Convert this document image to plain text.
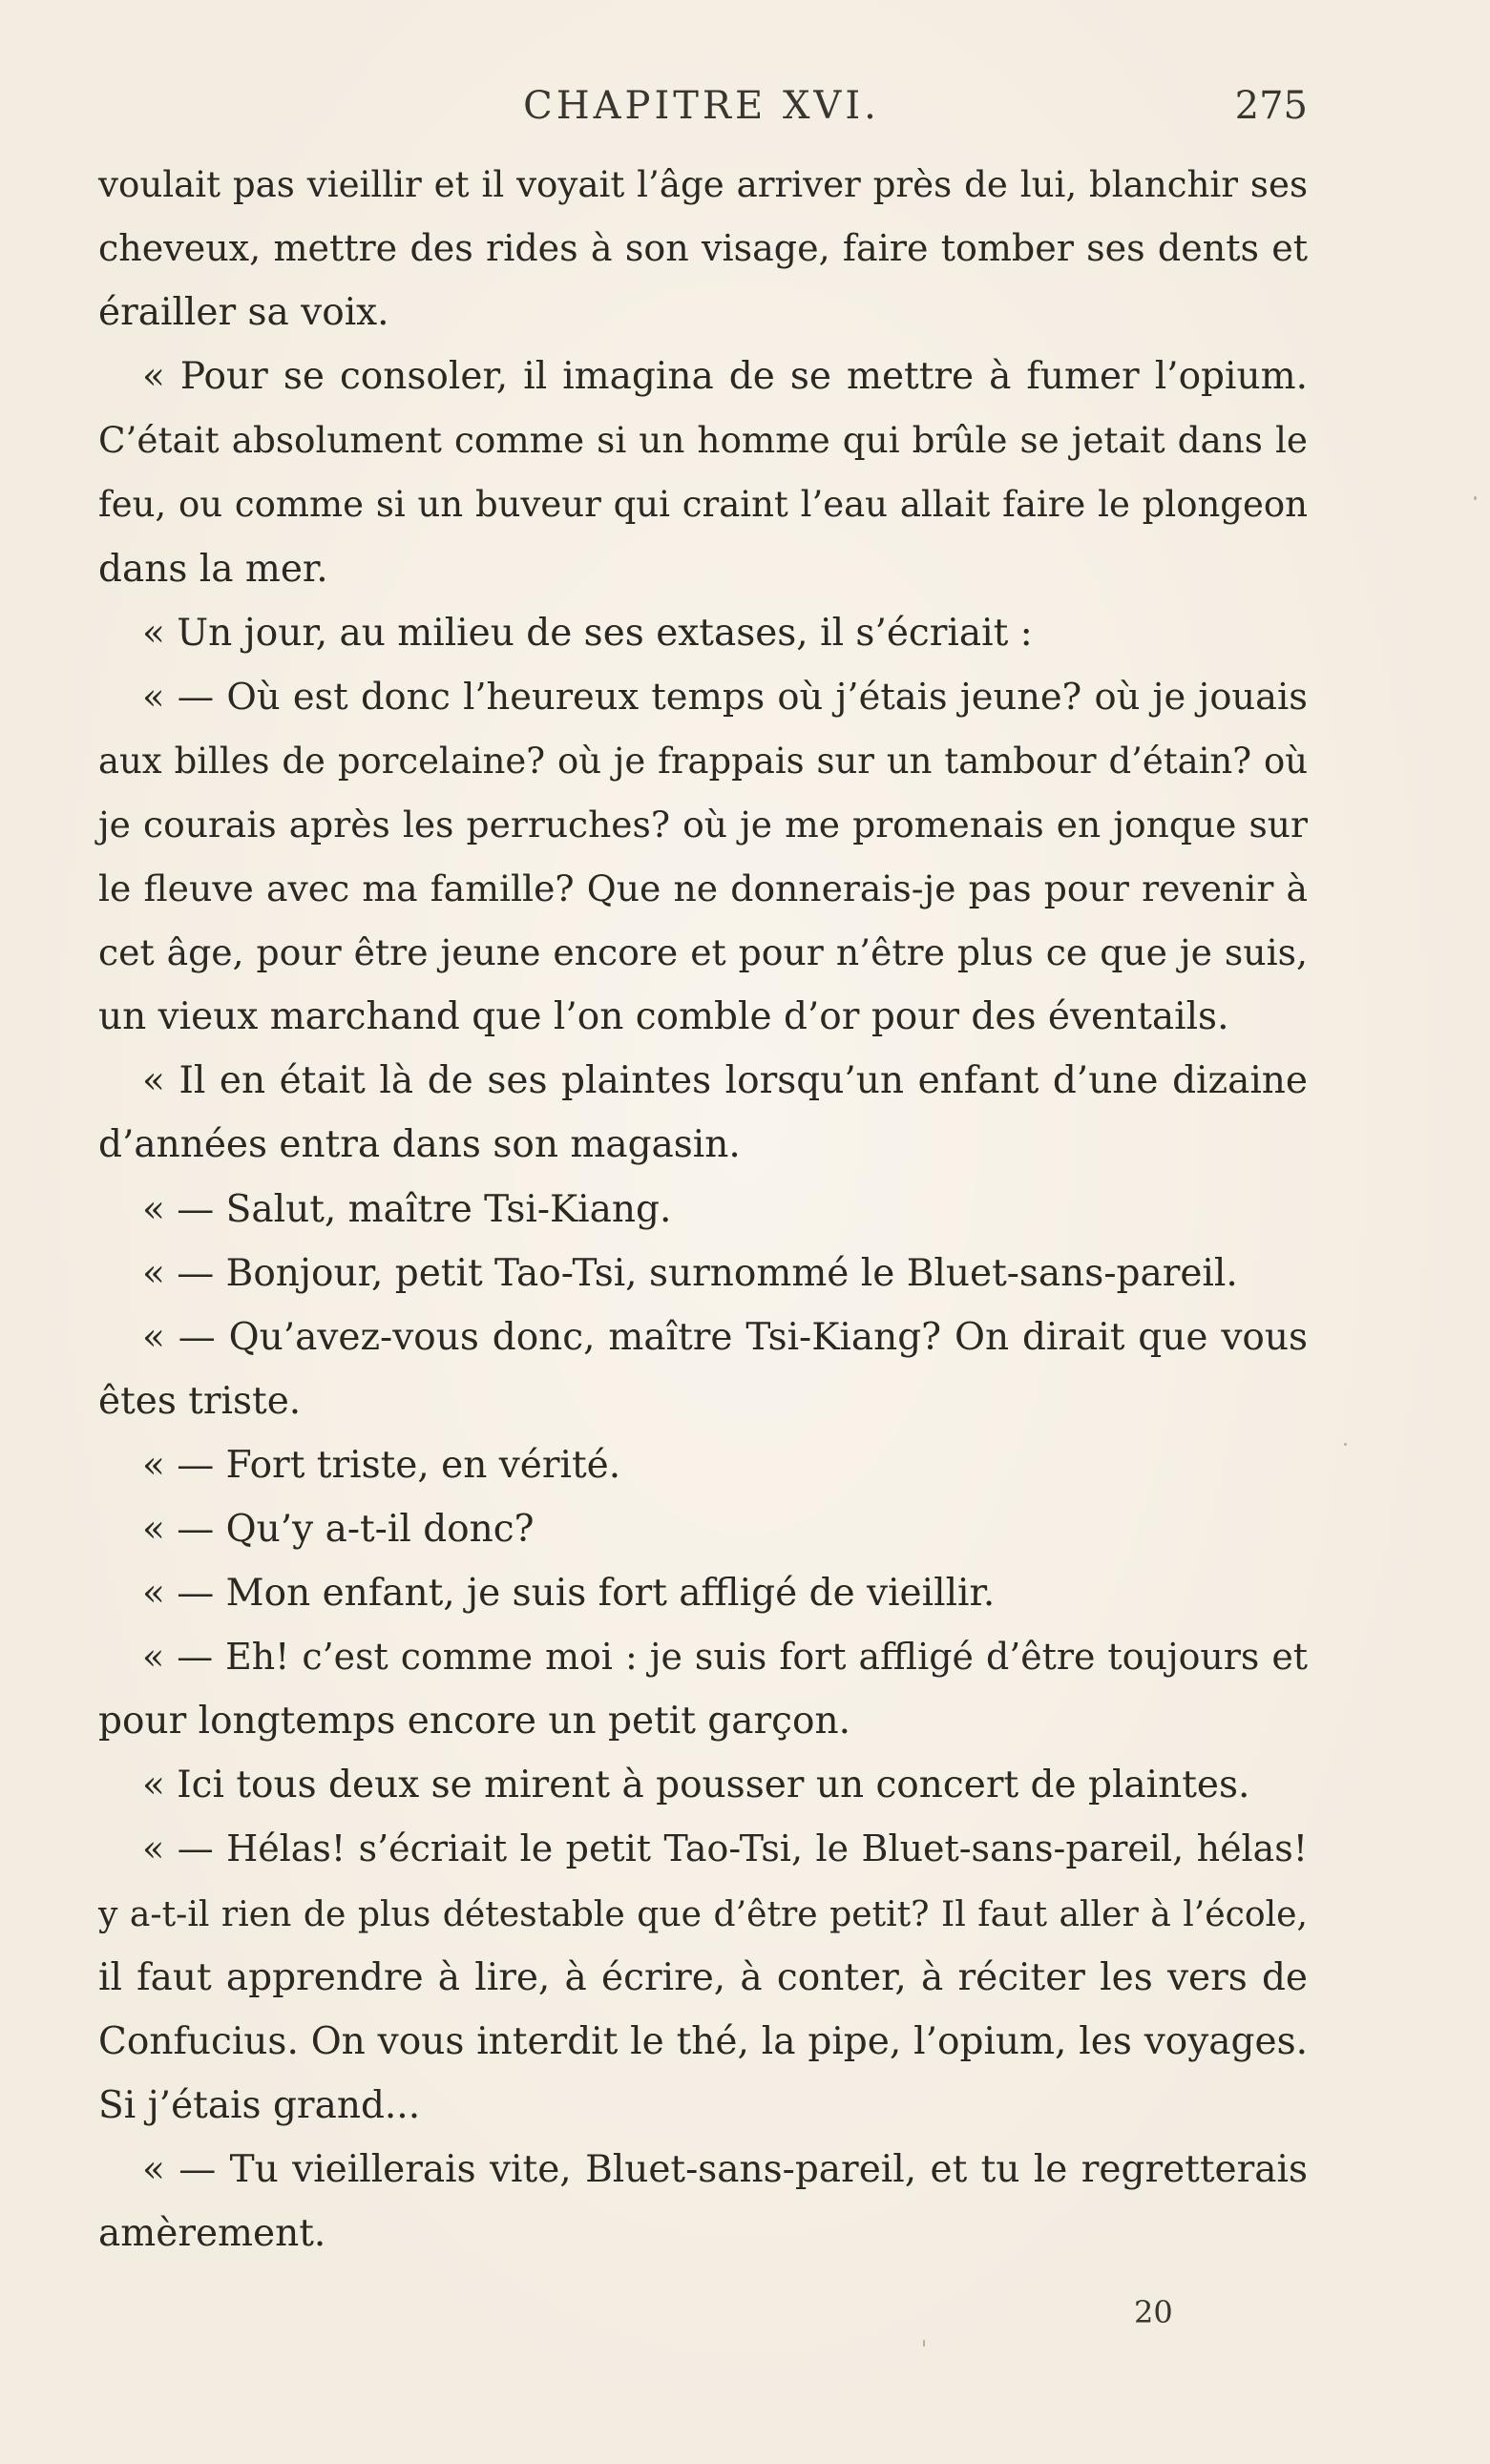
CHAPITRE XVI.	275
voulait pas vieillir et il voyait l’âge arriver près de lui, blanchir ses
cheveux, mettre des rides à son visage, faire tomber ses dents et
érailler sa voix.
« Pour se consoler, il imagina de se mettre à fumer l’opium.
C’était absolument comme si un homme qui brûle se jetait dans le
feu, ou comme si un buveur qui craint l’eau allait faire le plongeon
dans la mer.
« Un jour, au milieu de ses extases, il s’écriait :
« — Où est donc l’heureux temps où j’étais jeune? où je jouais
aux billes de porcelaine? où je frappais sur un tambour d’étain? où
je courais après les perruches? où je me promenais en jonque sur
le fleuve avec ma famille? Que ne donnerais-je pas pour revenir à
cet âge, pour être jeune encore et pour n’être plus ce que je suis,
un vieux marchand que l’on comble d’or pour des éventails.
« Il en était là de ses plaintes lorsqu’un enfant d’une dizaine
d’années entra dans son magasin.
« — Salut, maître Tsi-Kiang.
« — Bonjour, petit Tao-Tsi, surnommé le Bluet-sans-pareil.
« — Qu’avez-vous donc, maître Tsi-Kiang? On dirait que vous
êtes triste.
« — Fort triste, en vérité.
« — Qu’y a-t-il donc?
« — Mon enfant, je suis fort affligé de vieillir.
« — Eh! c’est comme moi : je suis fort affligé d’être toujours et
pour longtemps encore un petit garçon.
« Ici tous deux se mirent à pousser un concert de plaintes.
« — Hélas! s’écriait le petit Tao-Tsi, le Bluet-sans-pareil, hélas!
y a-t-il rien de plus détestable que d’être petit? Il faut aller à l’école,
il faut apprendre à lire, à écrire, à conter, à réciter les vers de
Confucius. On vous interdit le thé, la pipe, l’opium, les voyages.
Si j’étais grand...
« — Tu vieillerais vite, Bluet-sans-pareil, et tu le regretterais
amèrement.
20
